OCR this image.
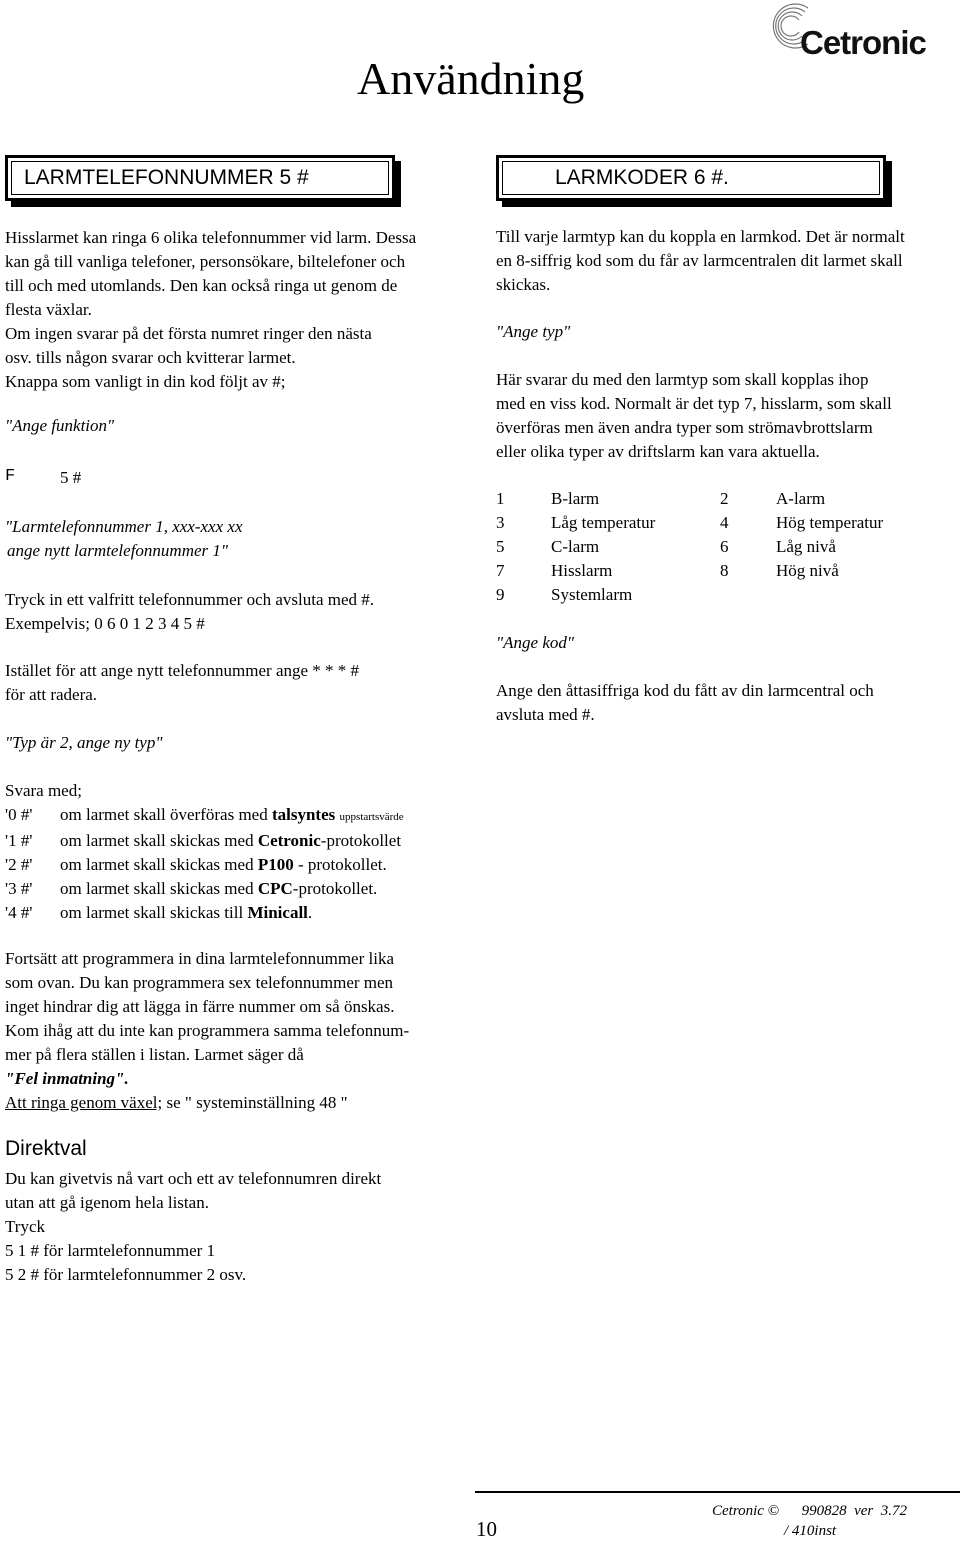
Cetronic
Användning
LARMTELEFONNUMMER 5 #
Hisslarmet kan ringa 6 olika telefonnummer vid larm. Dessa
kan gå till vanliga telefoner, personsökare, biltelefoner och
till och med utomlands. Den kan också ringa ut genom de
flesta växlar.
Om ingen svarar på det första numret ringer den nästa
osv. tills någon svarar och kvitterar larmet.
Knappa som vanligt in din kod följt av #;
"Ange funktion"
F	5 #
"Larmtelefonnummer 1, xxx-xxx xx
ange nytt larmtelefonnummer 1"
Tryck in ett valfritt telefonnummer och avsluta med #.
Exempelvis; 0 6 0 1 2 3 4 5 #
Istället för att ange nytt telefonnummer ange * * * #
för att radera.
"Typ är 2, ange ny typ"
Svara med;
'0 #'	om larmet skall överföras med talsyntes uppstartsvärde
'1 #'	om larmet skall skickas med Cetronic-protokollet
'2 #'	om larmet skall skickas med P100 - protokollet.
'3 #'	om larmet skall skickas med CPC-protokollet.
'4 #'	om larmet skall skickas till Minicall.
Fortsätt att programmera in dina larmtelefonnummer lika
som ovan. Du kan programmera sex telefonnummer men
inget hindrar dig att lägga in färre nummer om så önskas.
Kom ihåg att du inte kan programmera samma telefonnum-
mer på flera ställen i listan. Larmet säger då
"Fel inmatning".
Att ringa genom växel; se " systeminställning 48 "
Direktval
Du kan givetvis nå vart och ett av telefonnumren direkt
utan att gå igenom hela listan.
Tryck
5 1 # för larmtelefonnummer 1
5 2 # för larmtelefonnummer 2 osv.
LARMKODER 6 #.
Till varje larmtyp kan du koppla en larmkod. Det är normalt
en 8-siffrig kod som du får av larmcentralen dit larmet skall
skickas.
"Ange typ"
Här svarar du med den larmtyp som skall kopplas ihop
med en viss kod. Normalt är det typ 7, hisslarm, som skall
överföras men även andra typer som strömavbrottslarm
eller olika typer av driftslarm kan vara aktuella.
1	B-larm	2	A-larm
3	Låg temperatur	4	Hög temperatur
5	C-larm	6	Låg nivå
7	Hisslarm	8	Hög nivå
9	Systemlarm
"Ange kod"
Ange den åttasiffriga kod du fått av din larmcentral och
avsluta med #.
10
Cetronic ©      990828  ver  3.72
/ 410inst
